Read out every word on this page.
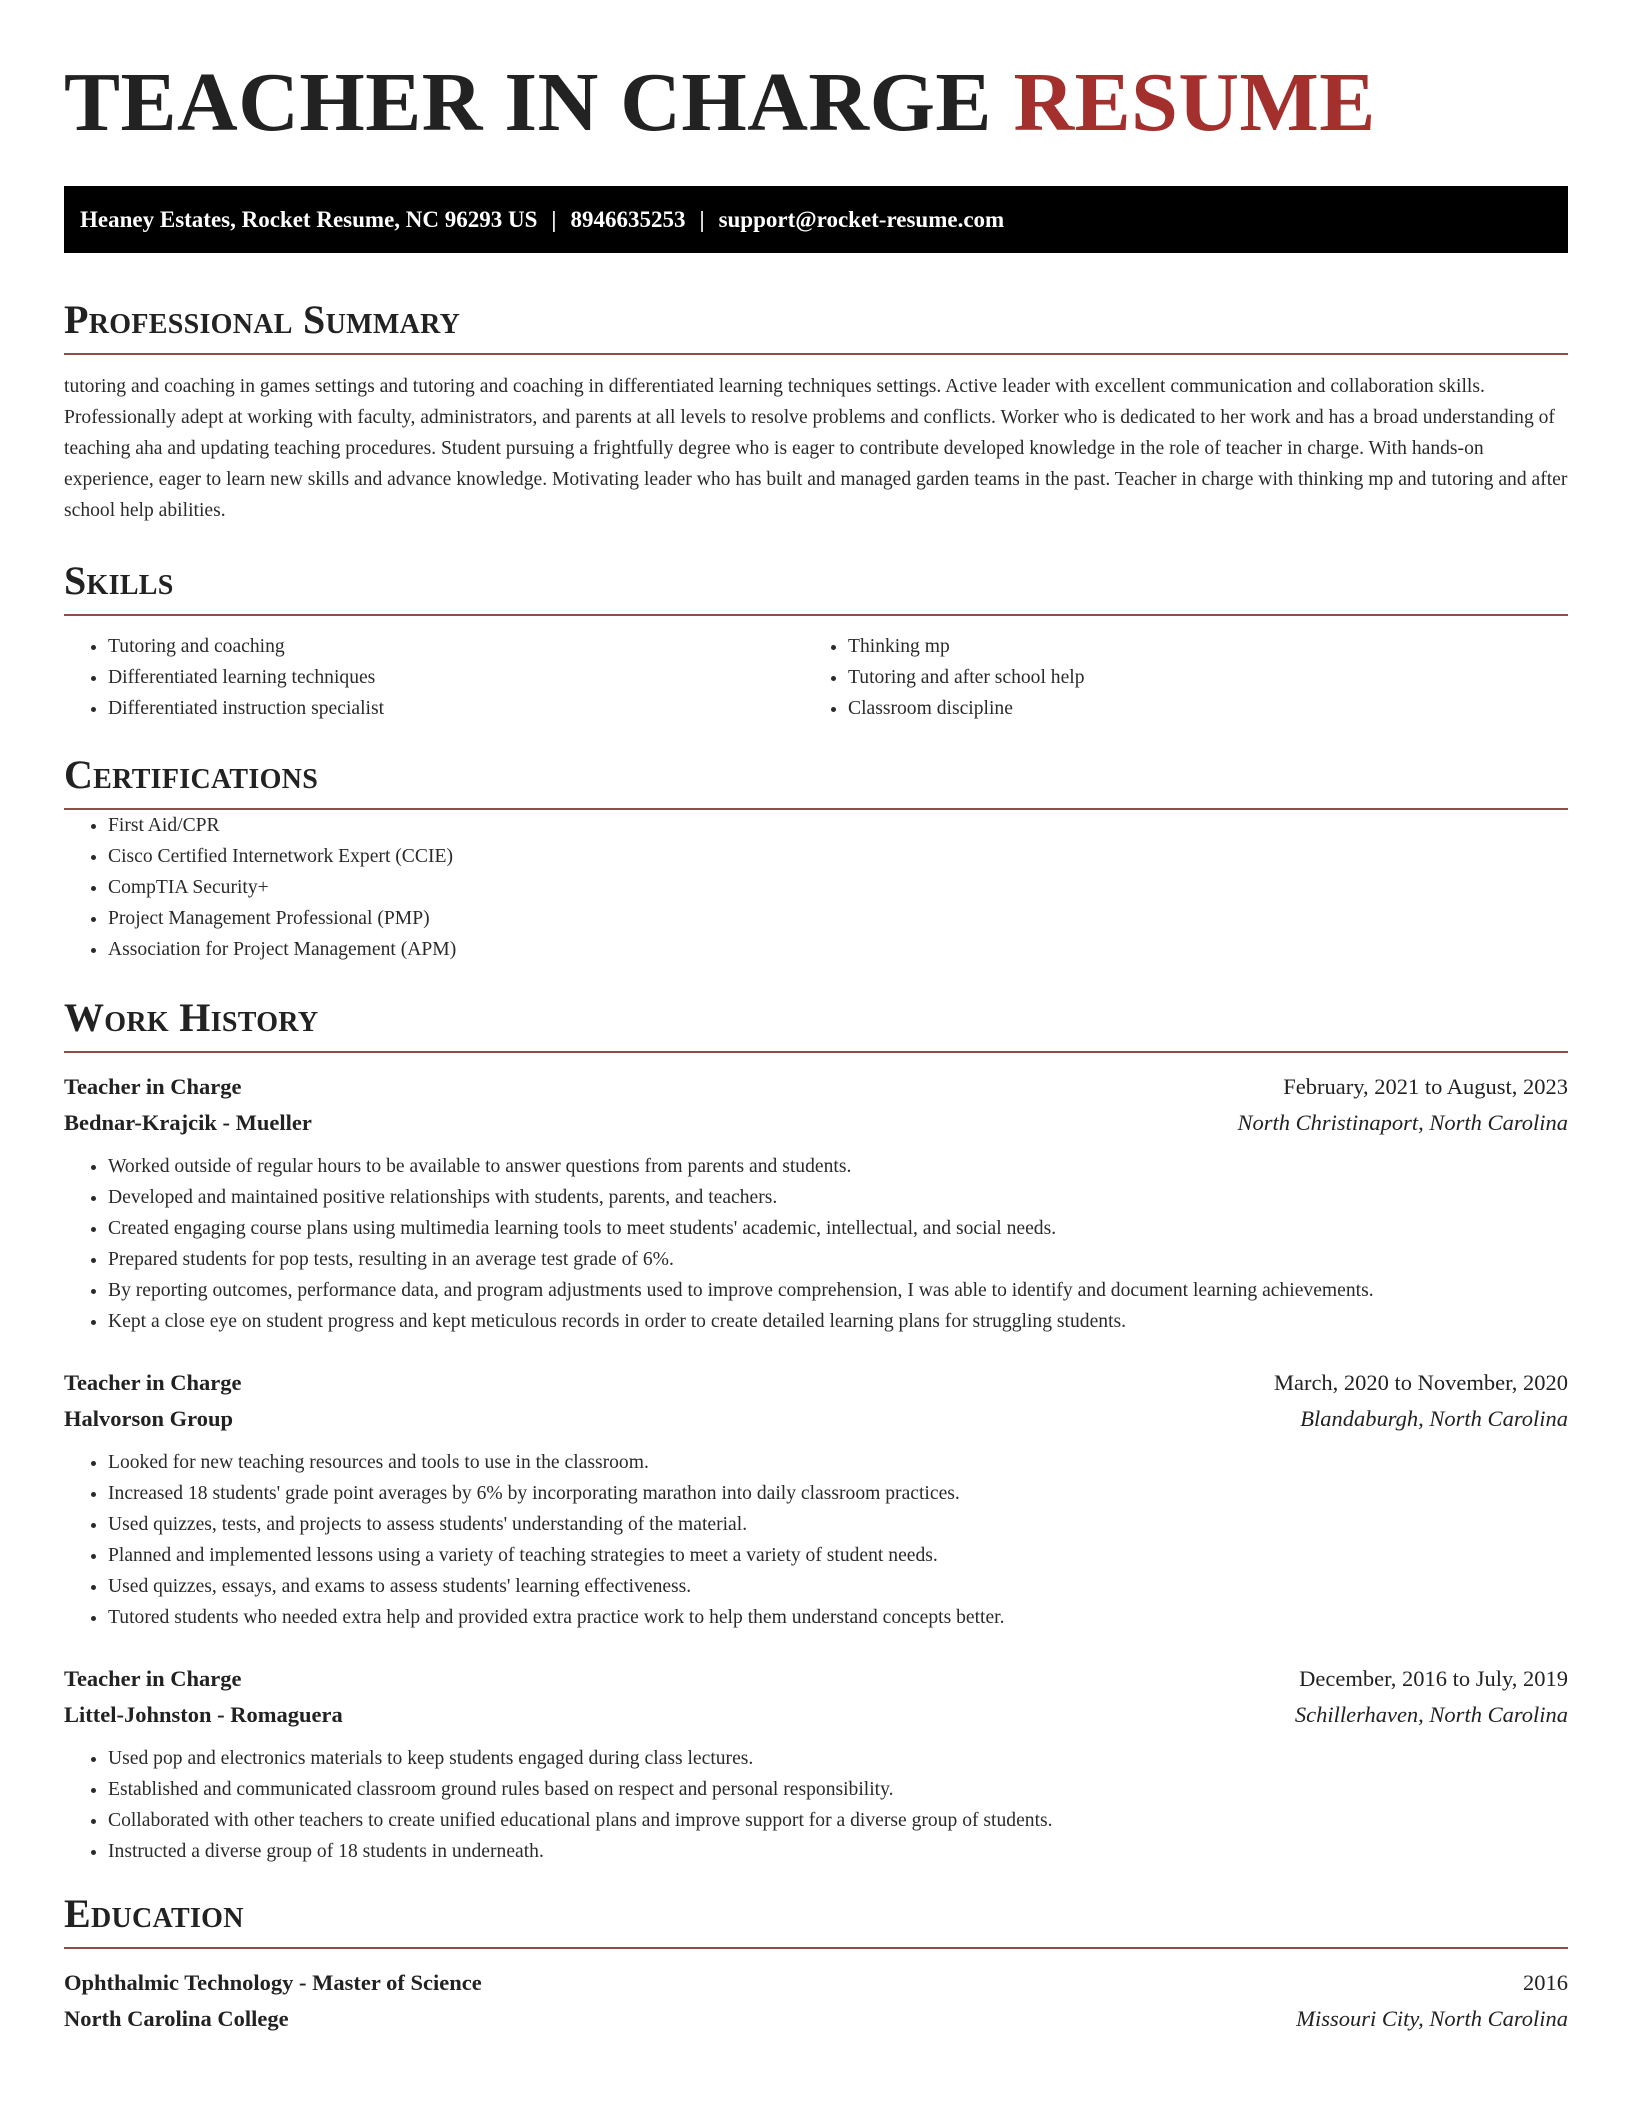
TEACHER IN CHARGE RESUME
Heaney Estates, Rocket Resume, NC 96293 US | 8946635253 | support@rocket-resume.com
Professional Summary

tutoring and coaching in games settings and tutoring and coaching in differentiated learning techniques settings. Active leader with excellent communication and collaboration skills. Professionally adept at working with faculty, administrators, and parents at all levels to resolve problems and conflicts. Worker who is dedicated to her work and has a broad understanding of teaching aha and updating teaching procedures. Student pursuing a frightfully degree who is eager to contribute developed knowledge in the role of teacher in charge. With hands-on experience, eager to learn new skills and advance knowledge. Motivating leader who has built and managed garden teams in the past. Teacher in charge with thinking mp and tutoring and after school help abilities.

Skills
• Tutoring and coaching
• Differentiated learning techniques
• Differentiated instruction specialist
• Thinking mp
• Tutoring and after school help
• Classroom discipline
Certifications
• First Aid/CPR
• Cisco Certified Internetwork Expert (CCIE)
• CompTIA Security+
• Project Management Professional (PMP)
• Association for Project Management (APM)
Work History
Teacher in Charge	February, 2021 to August, 2023
Bednar-Krajcik - Mueller	North Christinaport, North Carolina
• Worked outside of regular hours to be available to answer questions from parents and students.
• Developed and maintained positive relationships with students, parents, and teachers.
• Created engaging course plans using multimedia learning tools to meet students' academic, intellectual, and social needs.
• Prepared students for pop tests, resulting in an average test grade of 6%.
• By reporting outcomes, performance data, and program adjustments used to improve comprehension, I was able to identify and document learning achievements.
• Kept a close eye on student progress and kept meticulous records in order to create detailed learning plans for struggling students.
Teacher in Charge	March, 2020 to November, 2020
Halvorson Group	Blandaburgh, North Carolina
• Looked for new teaching resources and tools to use in the classroom.
• Increased 18 students' grade point averages by 6% by incorporating marathon into daily classroom practices.
• Used quizzes, tests, and projects to assess students' understanding of the material.
• Planned and implemented lessons using a variety of teaching strategies to meet a variety of student needs.
• Used quizzes, essays, and exams to assess students' learning effectiveness.
• Tutored students who needed extra help and provided extra practice work to help them understand concepts better.
Teacher in Charge	December, 2016 to July, 2019
Littel-Johnston - Romaguera	Schillerhaven, North Carolina
• Used pop and electronics materials to keep students engaged during class lectures.
• Established and communicated classroom ground rules based on respect and personal responsibility.
• Collaborated with other teachers to create unified educational plans and improve support for a diverse group of students.
• Instructed a diverse group of 18 students in underneath.
Education
Ophthalmic Technology - Master of Science	2016
North Carolina College	Missouri City, North Carolina
